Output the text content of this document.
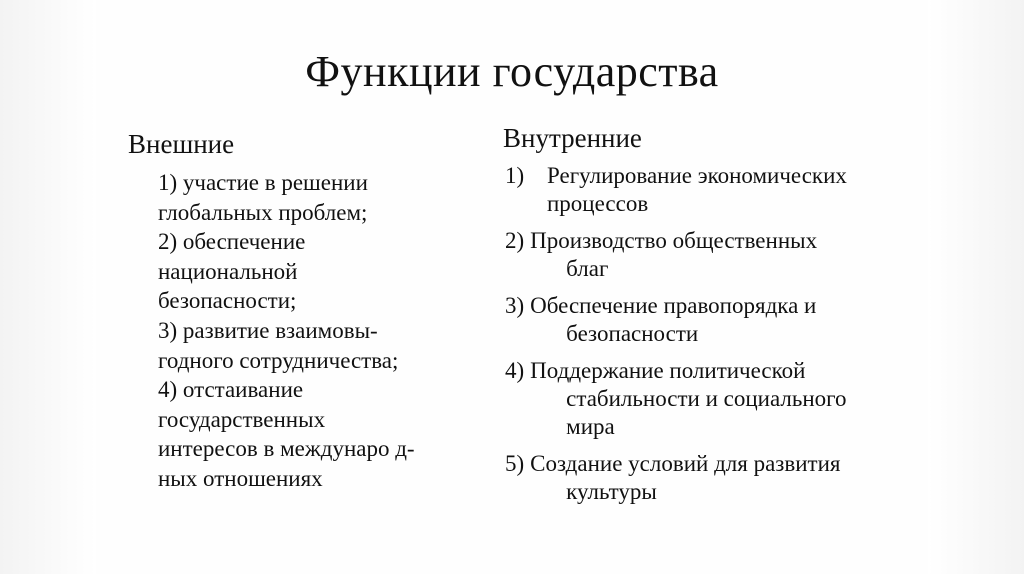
Функции государства
Внешние
1) участие в решении
глобальных проблем;
2) обеспечение
национальной
безопасности;
3) развитие взаимовы-
годного сотрудничества;
4) отстаивание
государственных
интересов в междунаро д-
ных отношениях
Внутренние
1) Регулирование экономических
процессов
2) Производство общественных
благ
3) Обеспечение правопорядка и
безопасности
4) Поддержание политической
стабильности и социального
мира
5) Создание условий для развития
культуры
